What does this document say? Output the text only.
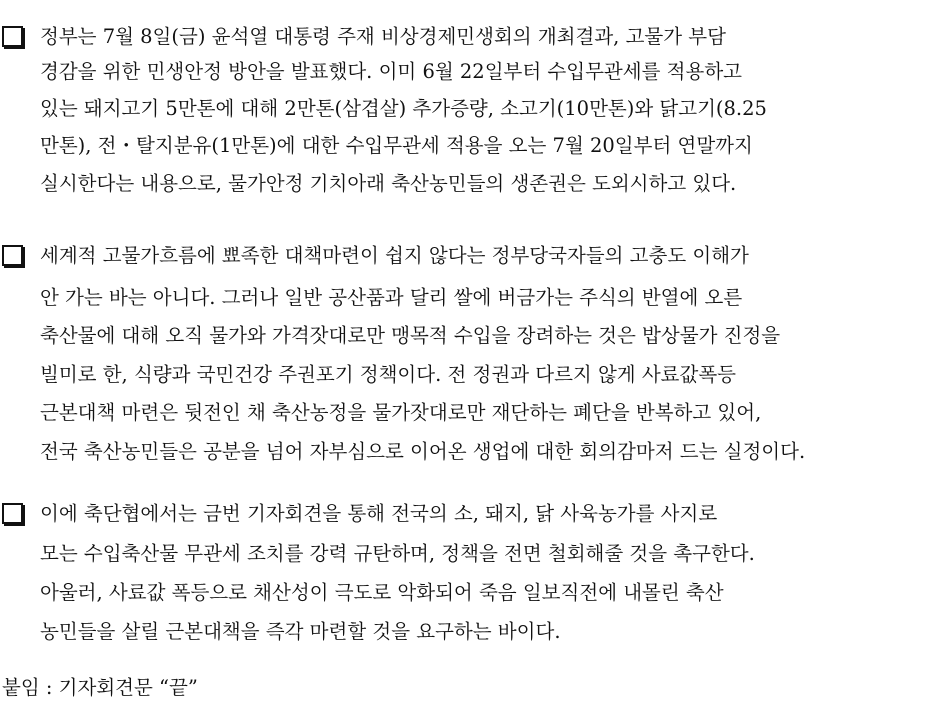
정부는 7월 8일(금) 윤석열 대통령 주재 비상경제민생회의 개최결과, 고물가 부담
경감을 위한 민생안정 방안을 발표했다. 이미 6월 22일부터 수입무관세를 적용하고
있는 돼지고기 5만톤에 대해 2만톤(삼겹살) 추가증량, 소고기(10만톤)와 닭고기(8.25
만톤), 전・탈지분유(1만톤)에 대한 수입무관세 적용을 오는 7월 20일부터 연말까지
실시한다는 내용으로, 물가안정 기치아래 축산농민들의 생존권은 도외시하고 있다.
세계적 고물가흐름에 뾰족한 대책마련이 쉽지 않다는 정부당국자들의 고충도 이해가
안 가는 바는 아니다. 그러나 일반 공산품과 달리 쌀에 버금가는 주식의 반열에 오른
축산물에 대해 오직 물가와 가격잣대로만 맹목적 수입을 장려하는 것은 밥상물가 진정을
빌미로 한, 식량과 국민건강 주권포기 정책이다. 전 정권과 다르지 않게 사료값폭등
근본대책 마련은 뒷전인 채 축산농정을 물가잣대로만 재단하는 폐단을 반복하고 있어,
전국 축산농민들은 공분을 넘어 자부심으로 이어온 생업에 대한 회의감마저 드는 실정이다.
이에 축단협에서는 금번 기자회견을 통해 전국의 소, 돼지, 닭 사육농가를 사지로
모는 수입축산물 무관세 조치를 강력 규탄하며, 정책을 전면 철회해줄 것을 촉구한다.
아울러, 사료값 폭등으로 채산성이 극도로 악화되어 죽음 일보직전에 내몰린 축산
농민들을 살릴 근본대책을 즉각 마련할 것을 요구하는 바이다.
붙임 : 기자회견문 “끝”
